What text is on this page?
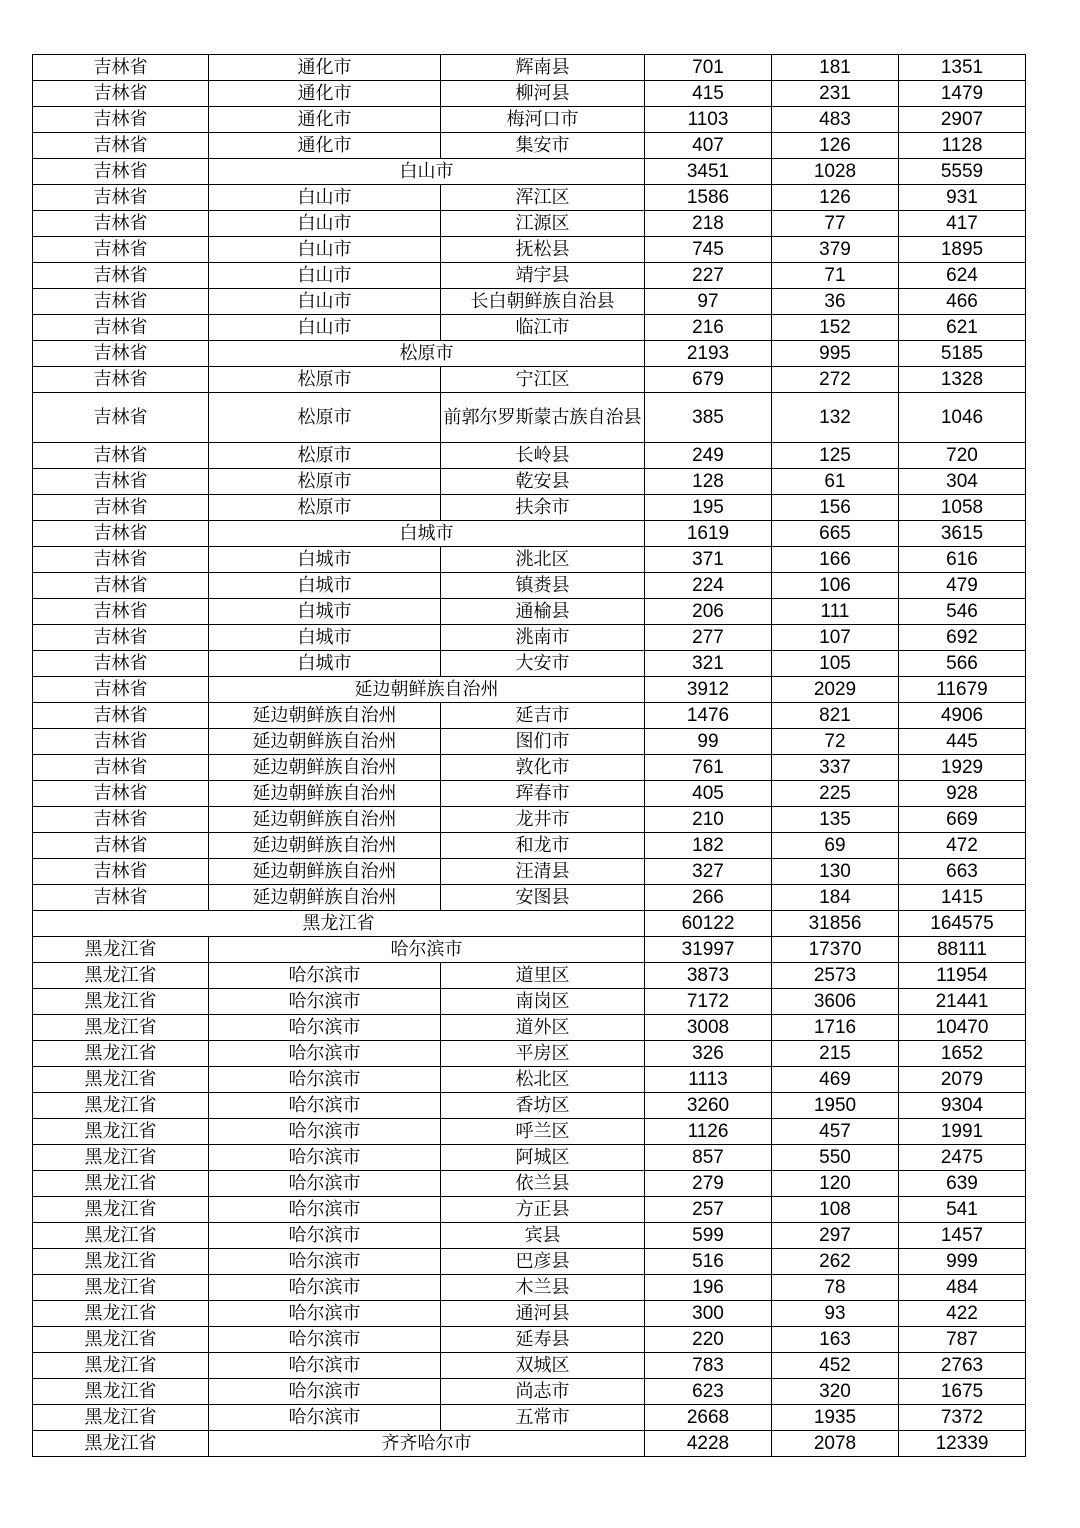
吉林省	通化市	辉南县	701	181	1351
吉林省	通化市	柳河县	415	231	1479
吉林省	通化市	梅河口市	1103	483	2907
吉林省	通化市	集安市	407	126	1128
吉林省	白山市		3451	1028	5559
吉林省	白山市	浑江区	1586	126	931
吉林省	白山市	江源区	218	77	417
吉林省	白山市	抚松县	745	379	1895
吉林省	白山市	靖宇县	227	71	624
吉林省	白山市	长白朝鲜族自治县	97	36	466
吉林省	白山市	临江市	216	152	621
吉林省	松原市		2193	995	5185
吉林省	松原市	宁江区	679	272	1328
吉林省	松原市	前郭尔罗斯蒙古族自治县	385	132	1046
吉林省	松原市	长岭县	249	125	720
吉林省	松原市	乾安县	128	61	304
吉林省	松原市	扶余市	195	156	1058
吉林省	白城市		1619	665	3615
吉林省	白城市	洮北区	371	166	616
吉林省	白城市	镇赉县	224	106	479
吉林省	白城市	通榆县	206	111	546
吉林省	白城市	洮南市	277	107	692
吉林省	白城市	大安市	321	105	566
吉林省	延边朝鲜族自治州		3912	2029	11679
吉林省	延边朝鲜族自治州	延吉市	1476	821	4906
吉林省	延边朝鲜族自治州	图们市	99	72	445
吉林省	延边朝鲜族自治州	敦化市	761	337	1929
吉林省	延边朝鲜族自治州	珲春市	405	225	928
吉林省	延边朝鲜族自治州	龙井市	210	135	669
吉林省	延边朝鲜族自治州	和龙市	182	69	472
吉林省	延边朝鲜族自治州	汪清县	327	130	663
吉林省	延边朝鲜族自治州	安图县	266	184	1415
黑龙江省			60122	31856	164575
黑龙江省	哈尔滨市		31997	17370	88111
黑龙江省	哈尔滨市	道里区	3873	2573	11954
黑龙江省	哈尔滨市	南岗区	7172	3606	21441
黑龙江省	哈尔滨市	道外区	3008	1716	10470
黑龙江省	哈尔滨市	平房区	326	215	1652
黑龙江省	哈尔滨市	松北区	1113	469	2079
黑龙江省	哈尔滨市	香坊区	3260	1950	9304
黑龙江省	哈尔滨市	呼兰区	1126	457	1991
黑龙江省	哈尔滨市	阿城区	857	550	2475
黑龙江省	哈尔滨市	依兰县	279	120	639
黑龙江省	哈尔滨市	方正县	257	108	541
黑龙江省	哈尔滨市	宾县	599	297	1457
黑龙江省	哈尔滨市	巴彦县	516	262	999
黑龙江省	哈尔滨市	木兰县	196	78	484
黑龙江省	哈尔滨市	通河县	300	93	422
黑龙江省	哈尔滨市	延寿县	220	163	787
黑龙江省	哈尔滨市	双城区	783	452	2763
黑龙江省	哈尔滨市	尚志市	623	320	1675
黑龙江省	哈尔滨市	五常市	2668	1935	7372
黑龙江省	齐齐哈尔市		4228	2078	12339
